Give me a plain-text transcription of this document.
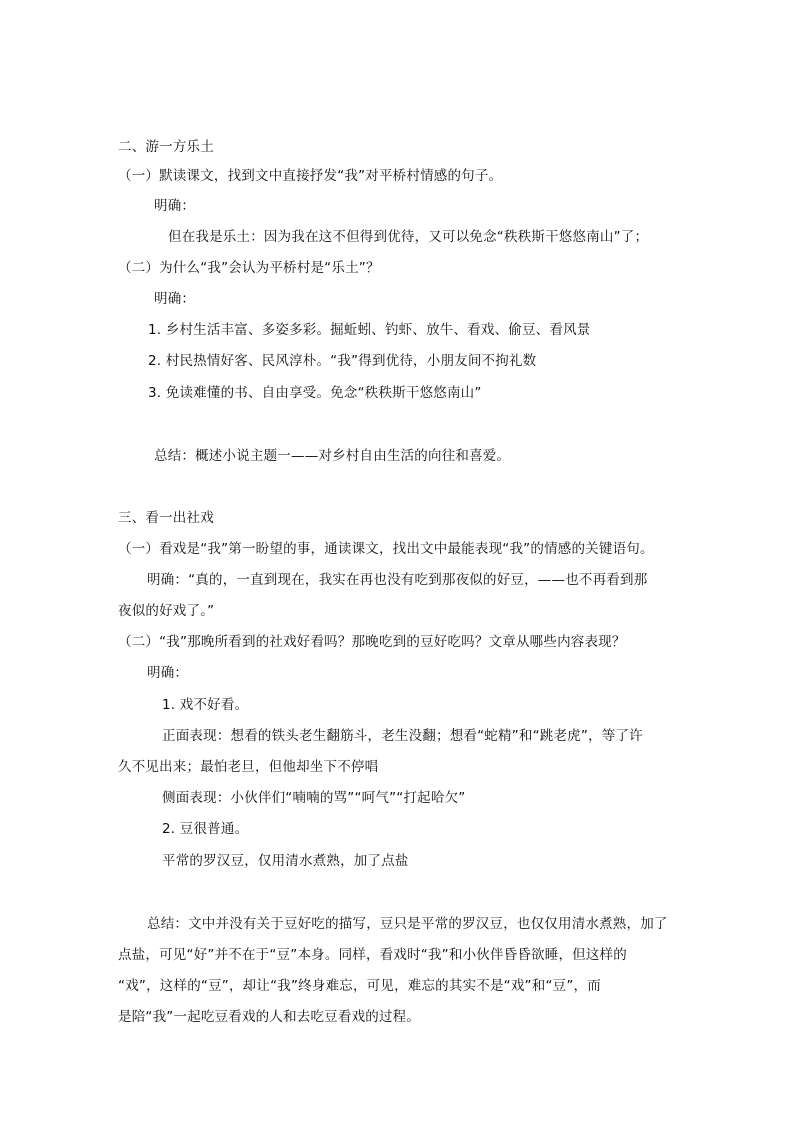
二、游一方乐土
（一）默读课文，找到文中直接抒发“我”对平桥村情感的句子。
明确：
但在我是乐土：因为我在这不但得到优待，又可以免念“秩秩斯干悠悠南山”了；
（二）为什么“我”会认为平桥村是“乐土”？
明确：
1. 乡村生活丰富、多姿多彩。掘蚯蚓、钓虾、放牛、看戏、偷豆、看风景
2. 村民热情好客、民风淳朴。“我”得到优待，小朋友间不拘礼数
3. 免读难懂的书、自由享受。免念“秩秩斯干悠悠南山”
总结：概述小说主题一——对乡村自由生活的向往和喜爱。
三、看一出社戏
（一）看戏是“我”第一盼望的事，通读课文，找出文中最能表现“我”的情感的关键语句。
明确：“真的，一直到现在，我实在再也没有吃到那夜似的好豆，——也不再看到那
夜似的好戏了。”
（二）“我”那晚所看到的社戏好看吗？那晚吃到的豆好吃吗？文章从哪些内容表现？
明确：
1. 戏不好看。
正面表现：想看的铁头老生翻筋斗，老生没翻；想看“蛇精”和“跳老虎”，等了许
久不见出来；最怕老旦，但他却坐下不停唱
侧面表现：小伙伴们“喃喃的骂”“呵气”“打起哈欠”
2. 豆很普通。
平常的罗汉豆，仅用清水煮熟，加了点盐
总结：文中并没有关于豆好吃的描写，豆只是平常的罗汉豆，也仅仅用清水煮熟，加了
点盐，可见“好”并不在于“豆”本身。同样，看戏时“我”和小伙伴昏昏欲睡，但这样的
“戏”，这样的“豆”，却让“我”终身难忘，可见，难忘的其实不是“戏”和“豆”，而
是陪“我”一起吃豆看戏的人和去吃豆看戏的过程。
